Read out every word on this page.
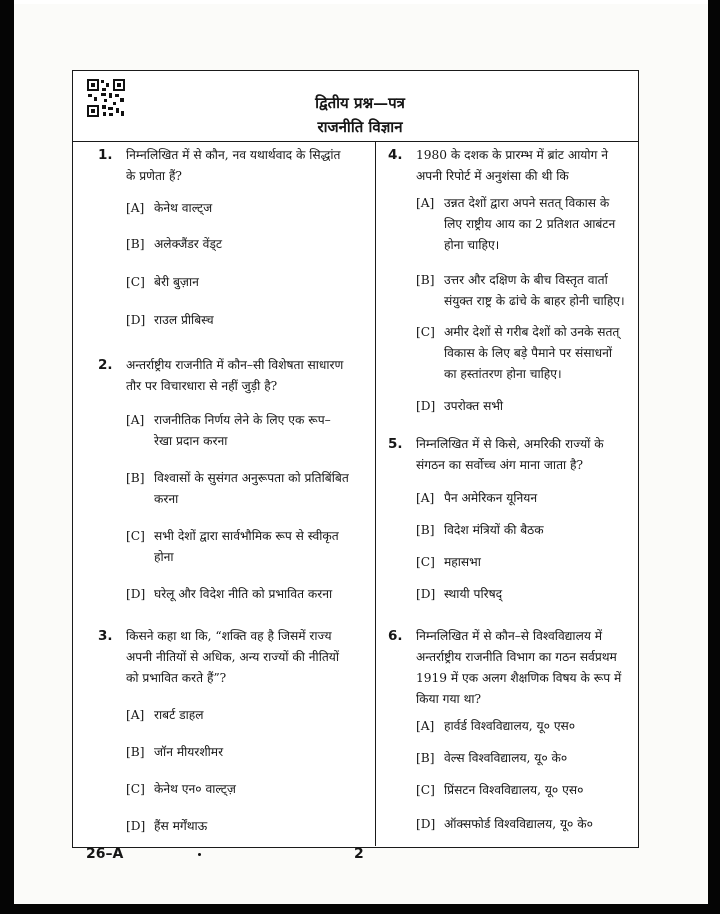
द्वितीय प्रश्न—पत्र
राजनीति विज्ञान
1. निम्नलिखित में से कौन, नव यथार्थवाद के सिद्धांत
के प्रणेता हैं?
[A] केनेथ वाल्ट्ज
[B] अलेक्जैंडर वेंड्ट
[C] बेरी बुज़ान
[D] राउल प्रीबिस्च
2. अन्तर्राष्ट्रीय राजनीति में कौन–सी विशेषता साधारण
तौर पर विचारधारा से नहीं जुड़ी है?
[A] राजनीतिक निर्णय लेने के लिए एक रूप–
रेखा प्रदान करना
[B] विश्वासों के सुसंगत अनुरूपता को प्रतिबिंबित
करना
[C] सभी देशों द्वारा सार्वभौमिक रूप से स्वीकृत
होना
[D] घरेलू और विदेश नीति को प्रभावित करना
3. किसने कहा था कि, “शक्ति वह है जिसमें राज्य
अपनी नीतियों से अधिक, अन्य राज्यों की नीतियों
को प्रभावित करते हैं”?
[A] राबर्ट डाहल
[B] जॉन मीयरशीमर
[C] केनेथ एन० वाल्ट्ज़
[D] हैंस मर्गेंथाऊ
4. 1980 के दशक के प्रारम्भ में ब्रांट आयोग ने
अपनी रिपोर्ट में अनुशंसा की थी कि
[A] उन्नत देशों द्वारा अपने सतत् विकास के
लिए राष्ट्रीय आय का 2 प्रतिशत आबंटन
होना चाहिए।
[B] उत्तर और दक्षिण के बीच विस्तृत वार्ता
संयुक्त राष्ट्र के ढांचे के बाहर होनी चाहिए।
[C] अमीर देशों से गरीब देशों को उनके सतत्
विकास के लिए बड़े पैमाने पर संसाधनों
का हस्तांतरण होना चाहिए।
[D] उपरोक्त सभी
5. निम्नलिखित में से किसे, अमरिकी राज्यों के
संगठन का सर्वोच्च अंग माना जाता है?
[A] पैन अमेरिकन यूनियन
[B] विदेश मंत्रियों की बैठक
[C] महासभा
[D] स्थायी परिषद्
6. निम्नलिखित में से कौन–से विश्वविद्यालय में
अन्तर्राष्ट्रीय राजनीति विभाग का गठन सर्वप्रथम
1919 में एक अलग शैक्षणिक विषय के रूप में
किया गया था?
[A] हार्वर्ड विश्वविद्यालय, यू० एस०
[B] वेल्स विश्वविद्यालय, यू० के०
[C] प्रिंसटन विश्वविद्यालय, यू० एस०
[D] ऑक्सफोर्ड विश्वविद्यालय, यू० के०
26–A	2
